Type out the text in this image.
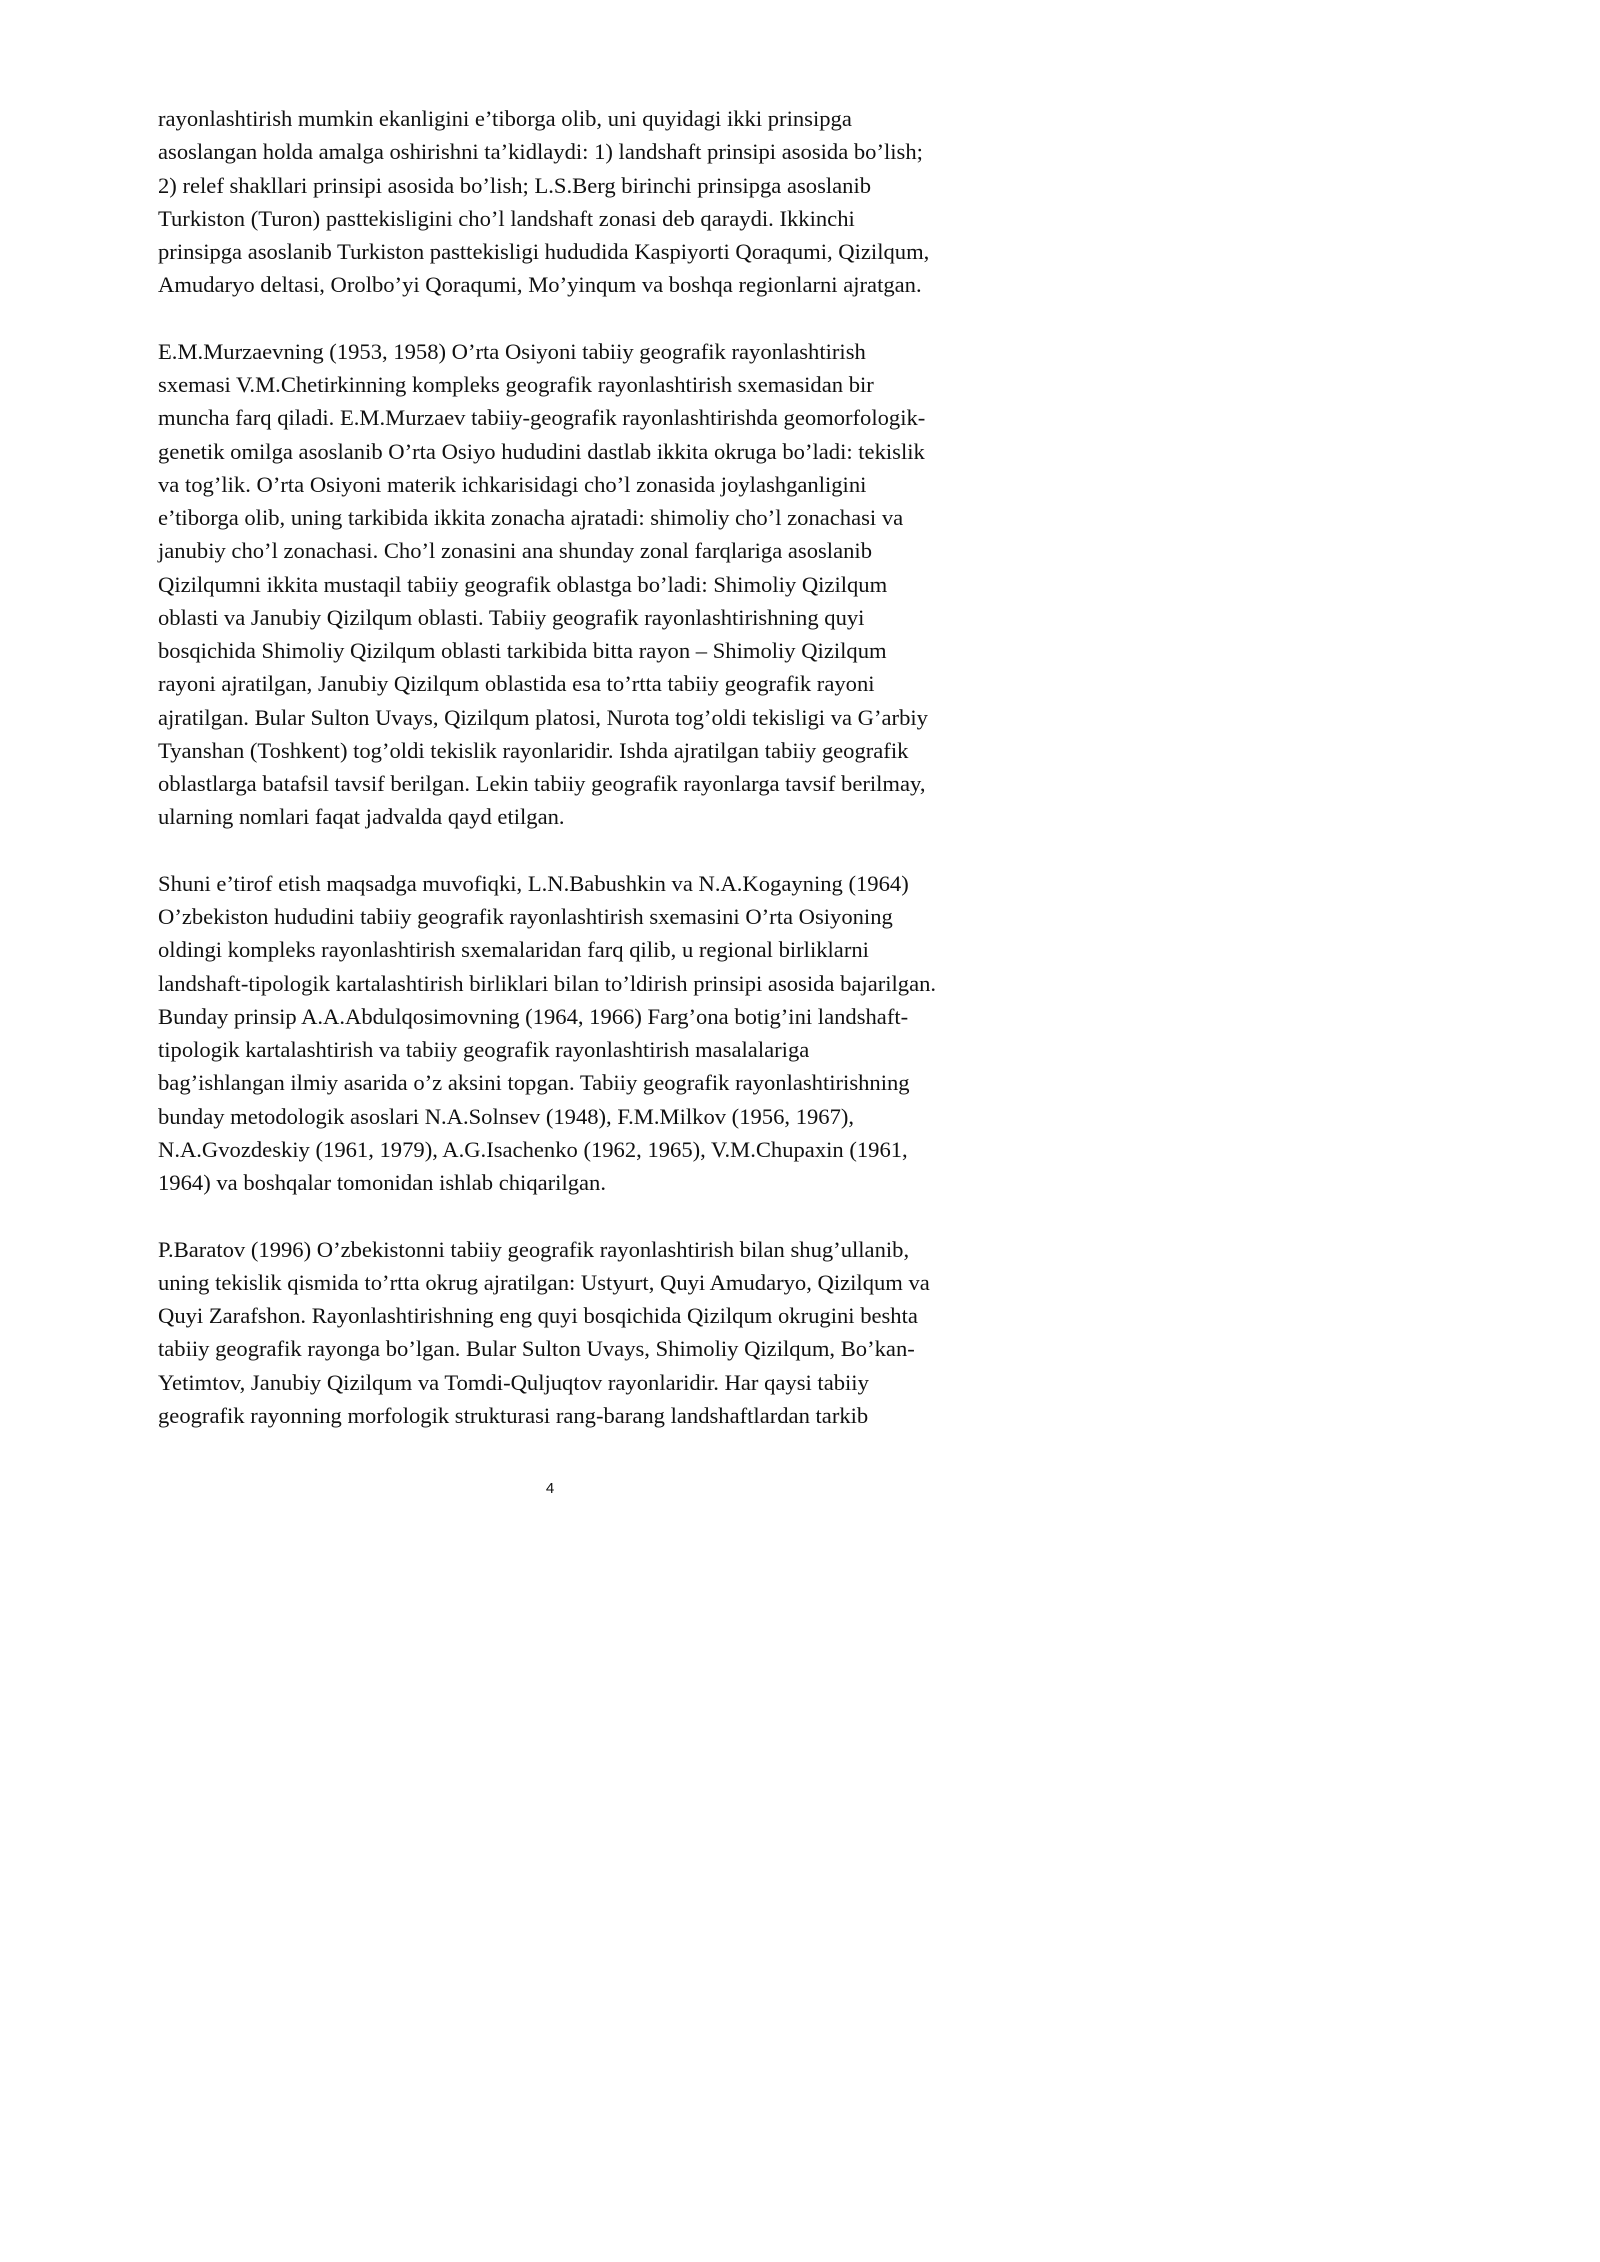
rayonlashtirish mumkin ekanligini e’tiborga olib, uni quyidagi ikki prinsipga
asoslangan holda amalga oshirishni ta’kidlaydi: 1) landshaft prinsipi asosida bo’lish;
2) relef shakllari prinsipi asosida bo’lish; L.S.Berg birinchi prinsipga asoslanib
Turkiston (Turon) pasttekisligini cho’l landshaft zonasi deb qaraydi. Ikkinchi
prinsipga asoslanib Turkiston pasttekisligi hududida Kaspiyorti Qoraqumi, Qizilqum,
Amudaryo deltasi, Orolbo’yi Qoraqumi, Mo’yinqum va boshqa regionlarni ajratgan.
E.M.Murzaevning (1953, 1958) O’rta Osiyoni tabiiy geografik rayonlashtirish
sxemasi V.M.Chetirkinning kompleks geografik rayonlashtirish sxemasidan bir
muncha farq qiladi. E.M.Murzaev tabiiy-geografik rayonlashtirishda geomorfologik-
genetik omilga asoslanib O’rta Osiyo hududini dastlab ikkita okruga bo’ladi: tekislik
va tog’lik. O’rta Osiyoni materik ichkarisidagi cho’l zonasida joylashganligini
e’tiborga olib, uning tarkibida ikkita zonacha ajratadi: shimoliy cho’l zonachasi va
janubiy cho’l zonachasi. Cho’l zonasini ana shunday zonal farqlariga asoslanib
Qizilqumni ikkita mustaqil tabiiy geografik oblastga bo’ladi: Shimoliy Qizilqum
oblasti va Janubiy Qizilqum oblasti. Tabiiy geografik rayonlashtirishning quyi
bosqichida Shimoliy Qizilqum oblasti tarkibida bitta rayon – Shimoliy Qizilqum
rayoni ajratilgan, Janubiy Qizilqum oblastida esa to’rtta tabiiy geografik rayoni
ajratilgan. Bular Sulton Uvays, Qizilqum platosi, Nurota tog’oldi tekisligi va G’arbiy
Tyanshan (Toshkent) tog’oldi tekislik rayonlaridir. Ishda ajratilgan tabiiy geografik
oblastlarga batafsil tavsif berilgan. Lekin tabiiy geografik rayonlarga tavsif berilmay,
ularning nomlari faqat jadvalda qayd etilgan.
Shuni e’tirof etish maqsadga muvofiqki, L.N.Babushkin va N.A.Kogayning (1964)
O’zbekiston hududini tabiiy geografik rayonlashtirish sxemasini O’rta Osiyoning
oldingi kompleks rayonlashtirish sxemalaridan farq qilib, u regional birliklarni
landshaft-tipologik kartalashtirish birliklari bilan to’ldirish prinsipi asosida bajarilgan.
Bunday prinsip A.A.Abdulqosimovning (1964, 1966) Farg’ona botig’ini landshaft-
tipologik kartalashtirish va tabiiy geografik rayonlashtirish masalalariga
bag’ishlangan ilmiy asarida o’z aksini topgan. Tabiiy geografik rayonlashtirishning
bunday metodologik asoslari N.A.Solnsev (1948), F.M.Milkov (1956, 1967),
N.A.Gvozdeskiy (1961, 1979), A.G.Isachenko (1962, 1965), V.M.Chupaxin (1961,
1964) va boshqalar tomonidan ishlab chiqarilgan.
P.Baratov (1996) O’zbekistonni tabiiy geografik rayonlashtirish bilan shug’ullanib,
uning tekislik qismida to’rtta okrug ajratilgan: Ustyurt, Quyi Amudaryo, Qizilqum va
Quyi Zarafshon. Rayonlashtirishning eng quyi bosqichida Qizilqum okrugini beshta
tabiiy geografik rayonga bo’lgan. Bular Sulton Uvays, Shimoliy Qizilqum, Bo’kan-
Yetimtov, Janubiy Qizilqum va Tomdi-Quljuqtov rayonlaridir. Har qaysi tabiiy
geografik rayonning morfologik strukturasi rang-barang landshaftlardan tarkib
4
